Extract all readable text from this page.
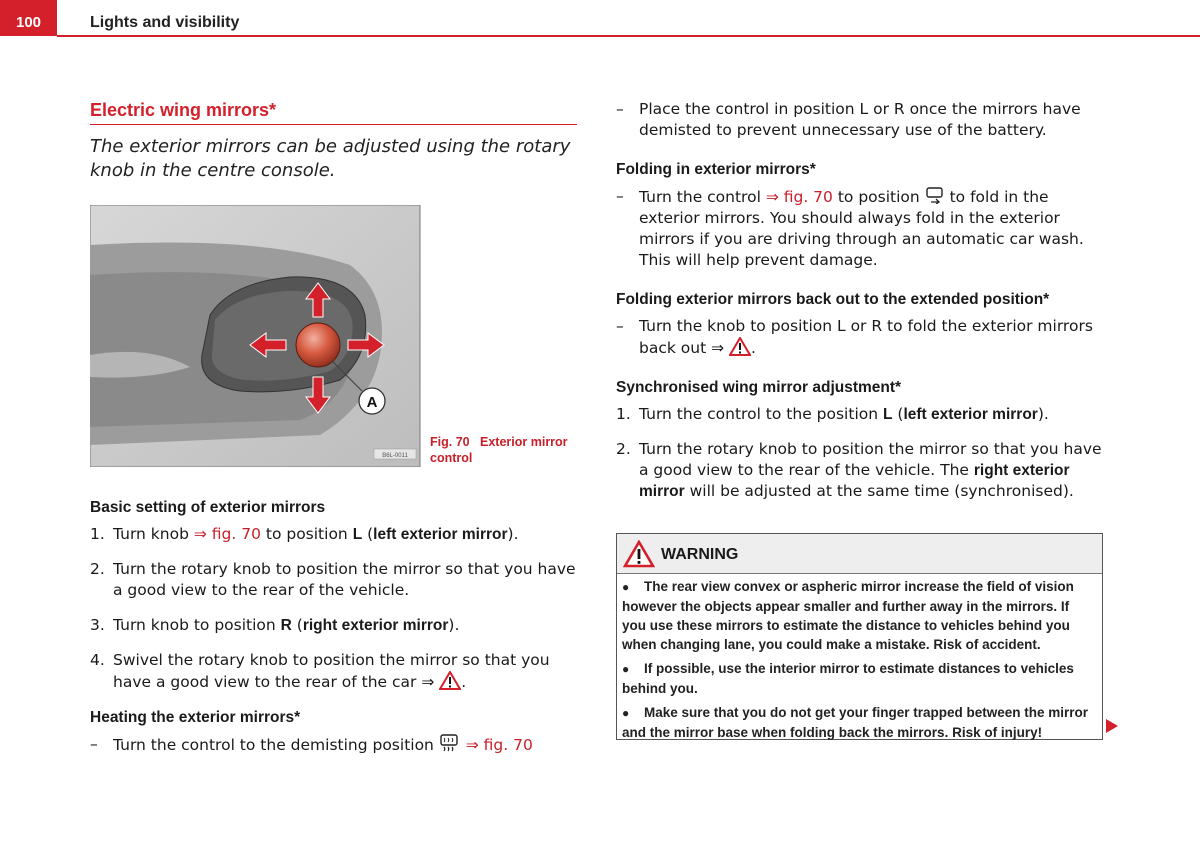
100	Lights and visibility
Electric wing mirrors*
The exterior mirrors can be adjusted using the rotary knob in the centre console.
A
B6L-0011
Fig. 70 Exterior mirror control
Basic setting of exterior mirrors
1. Turn knob ⇒ fig. 70 to position L (left exterior mirror).
2. Turn the rotary knob to position the mirror so that you have a good view to the rear of the vehicle.
3. Turn knob to position R (right exterior mirror).
4. Swivel the rotary knob to position the mirror so that you have a good view to the rear of the car ⇒ .
Heating the exterior mirrors*
– Turn the control to the demisting position  ⇒ fig. 70
– Place the control in position L or R once the mirrors have demisted to prevent unnecessary use of the battery.
Folding in exterior mirrors*
– Turn the control ⇒ fig. 70 to position  to fold in the exterior mirrors. You should always fold in the exterior mirrors if you are driving through an automatic car wash. This will help prevent damage.
Folding exterior mirrors back out to the extended position*
– Turn the knob to position L or R to fold the exterior mirrors back out ⇒ .
Synchronised wing mirror adjustment*
1. Turn the control to the position L (left exterior mirror).
2. Turn the rotary knob to position the mirror so that you have a good view to the rear of the vehicle. The right exterior mirror will be adjusted at the same time (synchronised).
WARNING

● The rear view convex or aspheric mirror increase the field of vision however the objects appear smaller and further away in the mirrors. If you use these mirrors to estimate the distance to vehicles behind you when changing lane, you could make a mistake. Risk of accident.

● If possible, use the interior mirror to estimate distances to vehicles behind you.

● Make sure that you do not get your finger trapped between the mirror and the mirror base when folding back the mirrors. Risk of injury!
